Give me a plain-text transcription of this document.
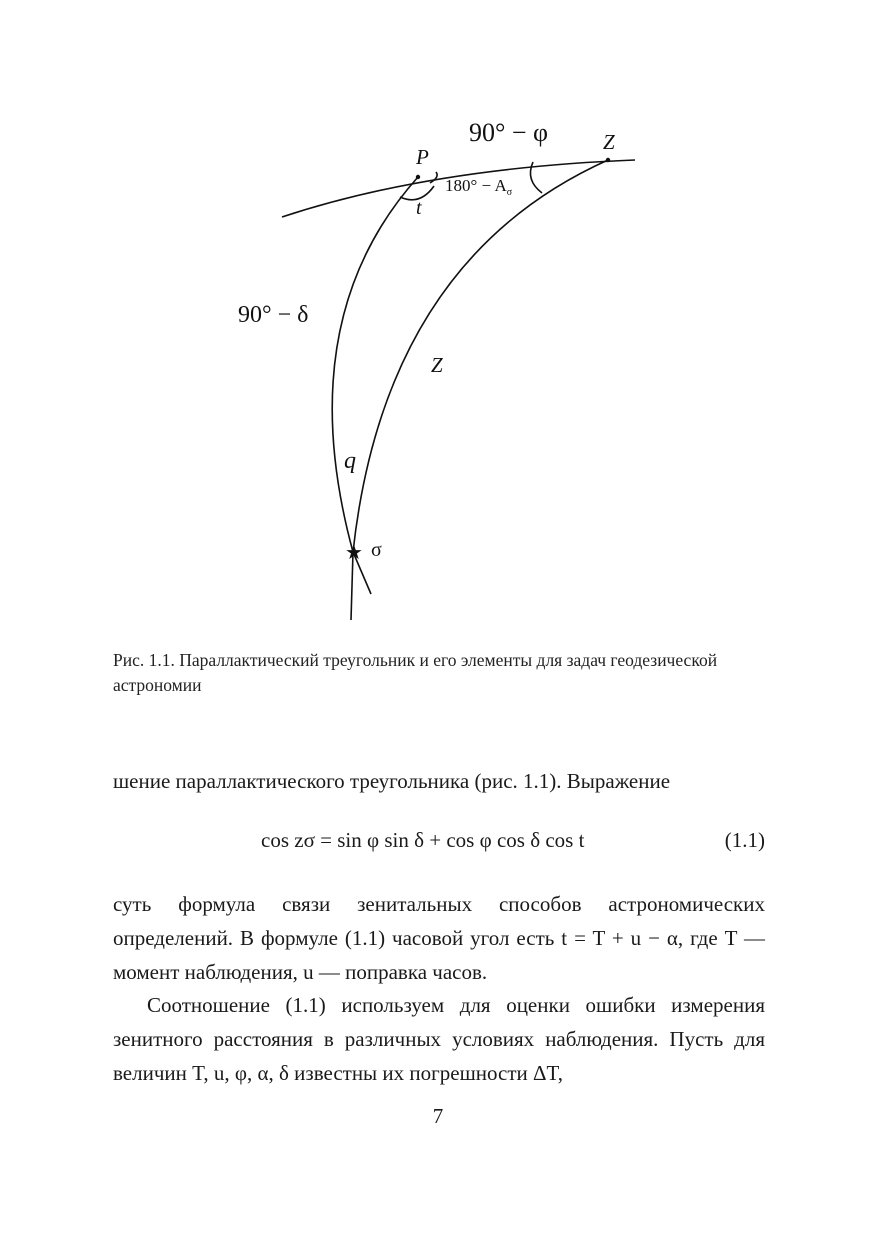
90° − φ
P
Z
t
$180^\circ - A_\sigma$
90° − δ
Z
q
★ σ
Рис. 1.1. Параллактический треугольник и его элементы для задач геодезической астрономии
шение параллактического треугольника (рис. 1.1). Выражение
cos zσ = sin φ sin δ + cos φ cos δ cos t	(1.1)
суть формула связи зенитальных способов астрономических определений. В формуле (1.1) часовой угол есть t = T + u − α, где T — момент наблюдения, u — поправка часов.
Соотношение (1.1) используем для оценки ошибки измерения зенитного расстояния в различных условиях наблюдения. Пусть для величин T, u, φ, α, δ известны их погрешности ΔT,
7
